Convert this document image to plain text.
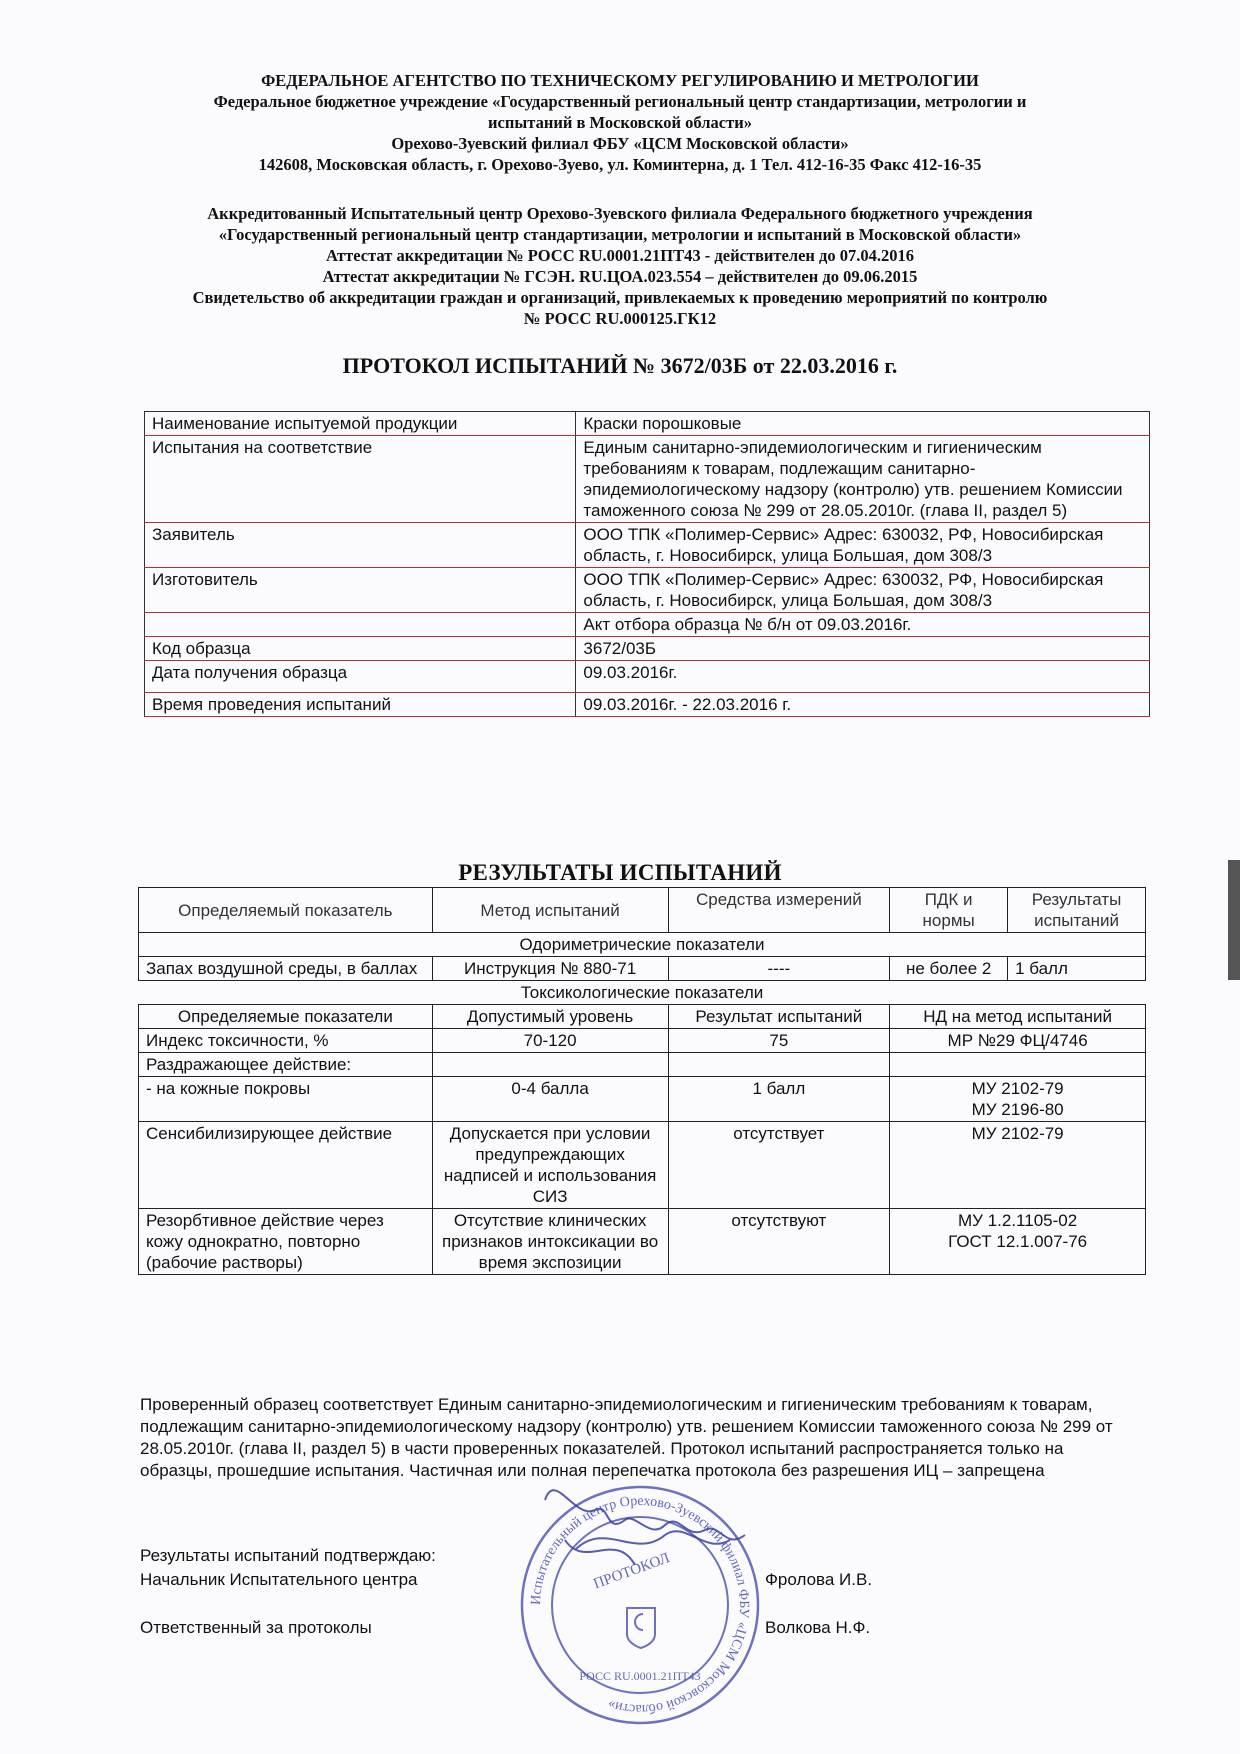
ФЕДЕРАЛЬНОЕ АГЕНТСТВО ПО ТЕХНИЧЕСКОМУ РЕГУЛИРОВАНИЮ И МЕТРОЛОГИИ
Федеральное бюджетное учреждение «Государственный региональный центр стандартизации, метрологии и
испытаний в Московской области»
Орехово-Зуевский филиал ФБУ «ЦСМ Московской области»
142608, Московская область, г. Орехово-Зуево, ул. Коминтерна, д. 1 Тел. 412-16-35 Факс 412-16-35
Аккредитованный Испытательный центр Орехово-Зуевского филиала Федерального бюджетного учреждения
«Государственный региональный центр стандартизации, метрологии и испытаний в Московской области»
Аттестат аккредитации № РОСС RU.0001.21ПТ43 - действителен до 07.04.2016
Аттестат аккредитации № ГСЭН. RU.ЦОА.023.554 – действителен до 09.06.2015
Свидетельство об аккредитации граждан и организаций, привлекаемых к проведению мероприятий по контролю
№ РОСС RU.000125.ГК12
ПРОТОКОЛ ИСПЫТАНИЙ № 3672/03Б от 22.03.2016 г.
Наименование испытуемой продукции	Краски порошковые
Испытания на соответствие	Единым санитарно-эпидемиологическим и гигиеническим требованиям к товарам, подлежащим санитарно-эпидемиологическому надзору (контролю) утв. решением Комиссии таможенного союза № 299 от 28.05.2010г. (глава II, раздел 5)
Заявитель	ООО ТПК «Полимер-Сервис» Адрес: 630032, РФ, Новосибирская область, г. Новосибирск, улица Большая, дом 308/3
Изготовитель	ООО ТПК «Полимер-Сервис» Адрес: 630032, РФ, Новосибирская область, г. Новосибирск, улица Большая, дом 308/3
	Акт отбора образца № б/н от 09.03.2016г.
Код образца	3672/03Б
Дата получения образца	09.03.2016г.
Время проведения испытаний	09.03.2016г. - 22.03.2016 г.
РЕЗУЛЬТАТЫ ИСПЫТАНИЙ
Определяемый показатель	Метод испытаний	Средства измерений	ПДК и нормы	Результаты испытаний
Одориметрические показатели				
Запах воздушной среды, в баллах	Инструкция № 880-71	----	не более 2	1 балл
Токсикологические показатели				
Определяемые показатели	Допустимый уровень	Результат испытаний	НД на метод испытаний	
Индекс токсичности, %	70-120	75	МР №29 ФЦ/4746	
Раздражающее действие:				
- на кожные покровы	0-4 балла	1 балл	МУ 2102-79
МУ 2196-80	

Сенсибилизирующее действие	Допускается при условии предупреждающих надписей и использования СИЗ	отсутствует	МУ 2102-79	
Резорбтивное действие через кожу однократно, повторно (рабочие растворы)	Отсутствие клинических признаков интоксикации во время экспозиции	отсутствуют	МУ 1.2.1105-02
ГОСТ 12.1.007-76	
Проверенный образец соответствует Единым санитарно-эпидемиологическим и гигиеническим требованиям к товарам, подлежащим санитарно-эпидемиологическому надзору (контролю) утв. решением Комиссии таможенного союза № 299 от 28.05.2010г. (глава II, раздел 5) в части проверенных показателей. Протокол испытаний распространяется только на образцы, прошедшие испытания. Частичная или полная перепечатка протокола без разрешения ИЦ – запрещена
Результаты испытаний подтверждаю:
Начальник Испытательного центра	Фролова И.В.
Ответственный за протоколы	Волкова Н.Ф.
Испытательный центр Орехово-Зуевский филиал ФБУ «ЦСМ Московской области»
ПРОТОКОЛ
РОСС RU.0001.21ПТ43
